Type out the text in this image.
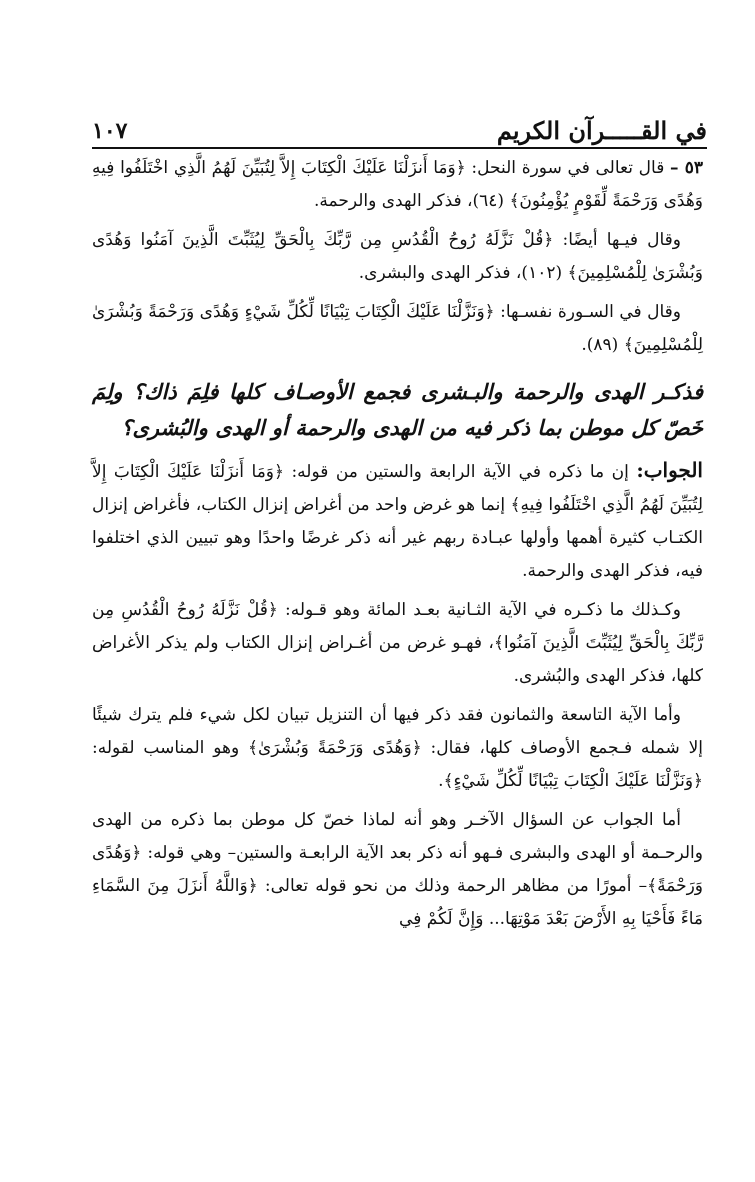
في القـــــرآن الكريم
١٠٧

٥٣ – قال تعالى في سورة النحل: ﴿وَمَا أَنزَلْنَا عَلَيْكَ الْكِتَابَ إِلاَّ لِتُبَيِّنَ لَهُمُ الَّذِي اخْتَلَفُوا فِيهِ وَهُدًى وَرَحْمَةً لِّقَوْمٍ يُؤْمِنُونَ﴾ (٦٤)، فذكر الهدى والرحمة.

وقال فيـها أيضًا: ﴿قُلْ نَزَّلَهُ رُوحُ الْقُدُسِ مِن رَّبِّكَ بِالْحَقِّ لِيُثَبِّتَ الَّذِينَ آمَنُوا وَهُدًى وَبُشْرَىٰ لِلْمُسْلِمِينَ﴾ (١٠٢)، فذكر الهدى والبشرى.

وقال في السـورة نفسـها: ﴿وَنَزَّلْنَا عَلَيْكَ الْكِتَابَ تِبْيَانًا لِّكُلِّ شَيْءٍ وَهُدًى وَرَحْمَةً وَبُشْرَىٰ لِلْمُسْلِمِينَ﴾ (٨٩).

فذكـر الهدى والرحمة والبـشرى فجمع الأوصـاف كلها فلِمَ ذاك؟ ولِمَ خَصّ كل موطن بما ذكر فيه من الهدى والرحمة أو الهدى والبُشرى؟

الجواب: إن ما ذكره في الآية الرابعة والستين من قوله: ﴿وَمَا أَنزَلْنَا عَلَيْكَ الْكِتَابَ إِلاَّ لِتُبَيِّنَ لَهُمُ الَّذِي اخْتَلَفُوا فِيهِ﴾ إنما هو غرض واحد من أغراض إنزال الكتاب، فأغراض إنزال الكتـاب كثيرة أهمها وأولها عبـادة ربهم غير أنه ذكر غرضًا واحدًا وهو تبيين الذي اختلفوا فيه، فذكر الهدى والرحمة.

وكـذلك ما ذكـره في الآية الثـانية بعـد المائة وهو قـوله: ﴿قُلْ نَزَّلَهُ رُوحُ الْقُدُسِ مِن رَّبِّكَ بِالْحَقِّ لِيُثَبِّتَ الَّذِينَ آمَنُوا﴾، فهـو غرض من أغـراض إنزال الكتاب ولم يذكر الأغراض كلها، فذكر الهدى والبُشرى.

وأما الآية التاسعة والثمانون فقد ذكر فيها أن التنزيل تبيان لكل شيء فلم يترك شيئًا إلا شمله فـجمع الأوصاف كلها، فقال: ﴿وَهُدًى وَرَحْمَةً وَبُشْرَىٰ﴾ وهو المناسب لقوله: ﴿وَنَزَّلْنَا عَلَيْكَ الْكِتَابَ تِبْيَانًا لِّكُلِّ شَيْءٍ﴾.

أما الجواب عن السؤال الآخـر وهو أنه لماذا خصّ كل موطن بما ذكره من الهدى والرحـمة أو الهدى والبشرى فـهو أنه ذكر بعد الآية الرابعـة والستين– وهي قوله: ﴿وَهُدًى وَرَحْمَةً﴾– أمورًا من مظاهر الرحمة وذلك من نحو قوله تعالى: ﴿وَاللَّهُ أَنزَلَ مِنَ السَّمَاءِ مَاءً فَأَحْيَا بِهِ الأَرْضَ بَعْدَ مَوْتِهَا... وَإِنَّ لَكُمْ فِي
